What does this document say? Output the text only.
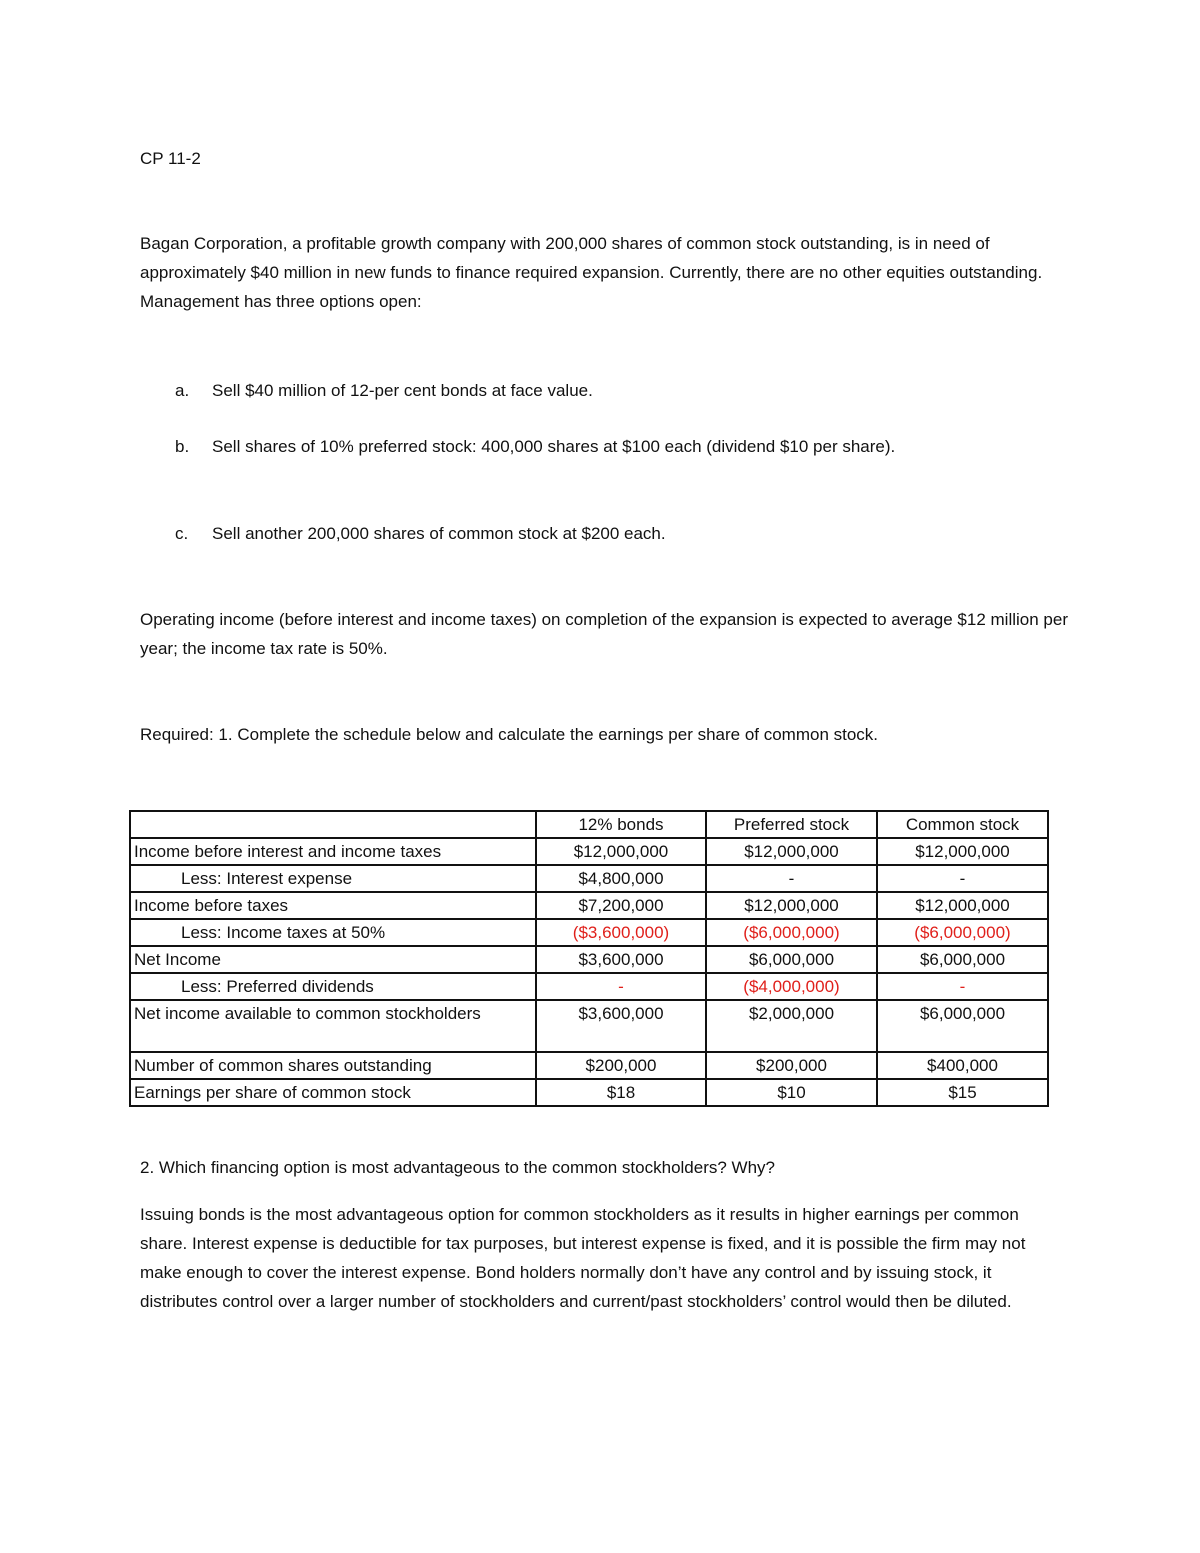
CP 11-2

Bagan Corporation, a profitable growth company with 200,000 shares of common stock outstanding, is in need of approximately $40 million in new funds to finance required expansion. Currently, there are no other equities outstanding. Management has three options open:

a. Sell $40 million of 12-per cent bonds at face value.
b. Sell shares of 10% preferred stock: 400,000 shares at $100 each (dividend $10 per share).
c. Sell another 200,000 shares of common stock at $200 each.

Operating income (before interest and income taxes) on completion of the expansion is expected to average $12 million per year; the income tax rate is 50%.

Required: 1. Complete the schedule below and calculate the earnings per share of common stock.

	12% bonds	Preferred stock	Common stock
Income before interest and income taxes	$12,000,000	$12,000,000	$12,000,000
Less: Interest expense	$4,800,000	-	-
Income before taxes	$7,200,000	$12,000,000	$12,000,000
Less: Income taxes at 50%	($3,600,000)	($6,000,000)	($6,000,000)
Net Income	$3,600,000	$6,000,000	$6,000,000
Less: Preferred dividends	-	($4,000,000)	-
Net income available to common stockholders	$3,600,000	$2,000,000	$6,000,000
Number of common shares outstanding	$200,000	$200,000	$400,000
Earnings per share of common stock	$18	$10	$15

2. Which financing option is most advantageous to the common stockholders? Why?

Issuing bonds is the most advantageous option for common stockholders as it results in higher earnings per common share. Interest expense is deductible for tax purposes, but interest expense is fixed, and it is possible the firm may not make enough to cover the interest expense. Bond holders normally don’t have any control and by issuing stock, it distributes control over a larger number of stockholders and current/past stockholders’ control would then be diluted.
